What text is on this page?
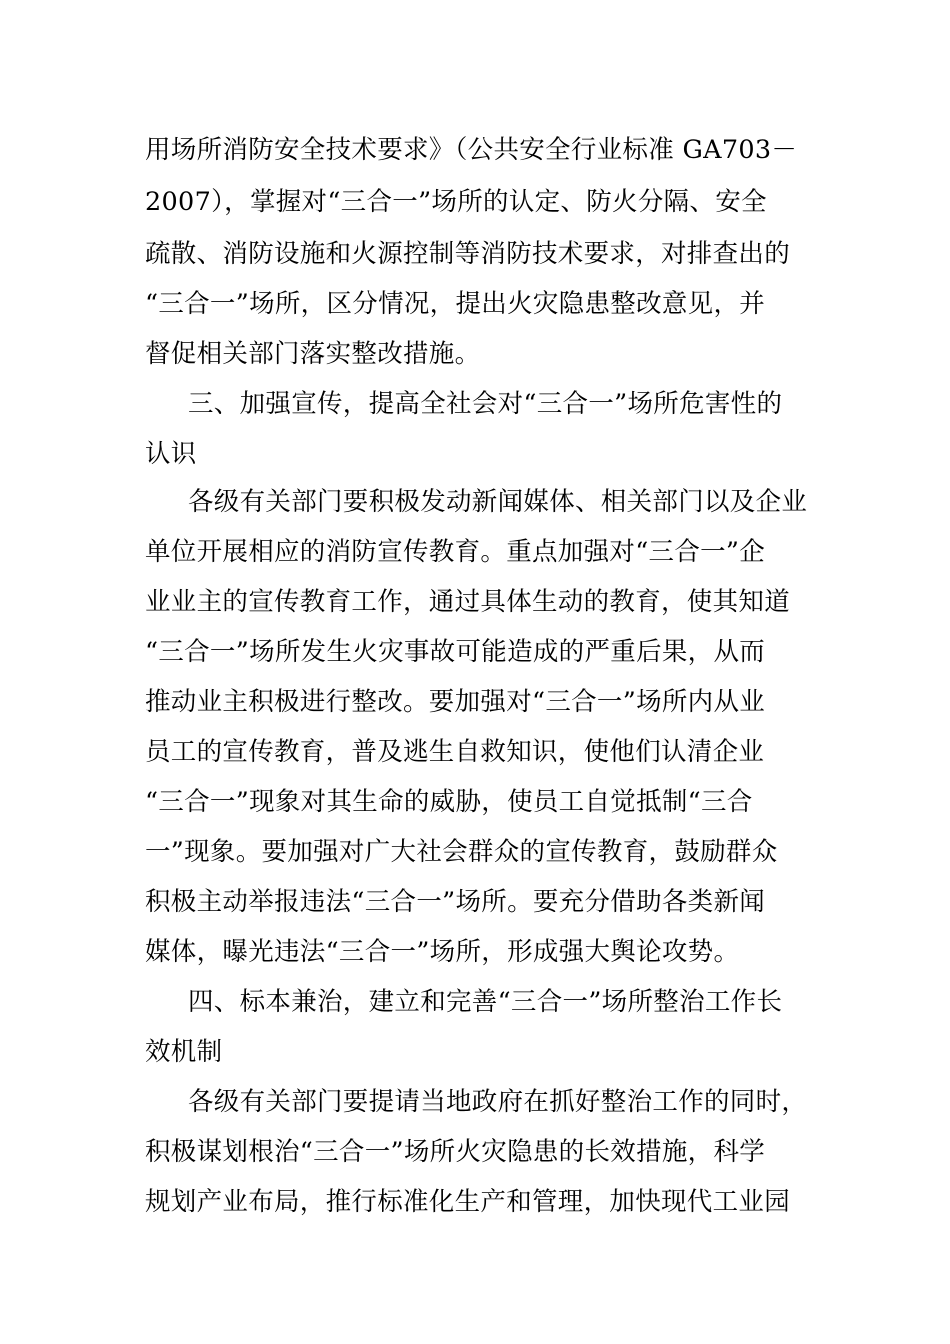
用场所消防安全技术要求》（公共安全行业标准 GA703－
2007），掌握对“三合一”场所的认定、防火分隔、安全
疏散、消防设施和火源控制等消防技术要求，对排查出的
“三合一”场所，区分情况，提出火灾隐患整改意见，并
督促相关部门落实整改措施。
三、加强宣传，提高全社会对“三合一”场所危害性的
认识
各级有关部门要积极发动新闻媒体、相关部门以及企业
单位开展相应的消防宣传教育。重点加强对“三合一”企
业业主的宣传教育工作，通过具体生动的教育，使其知道
“三合一”场所发生火灾事故可能造成的严重后果，从而
推动业主积极进行整改。要加强对“三合一”场所内从业
员工的宣传教育，普及逃生自救知识，使他们认清企业
“三合一”现象对其生命的威胁，使员工自觉抵制“三合
一”现象。要加强对广大社会群众的宣传教育，鼓励群众
积极主动举报违法“三合一”场所。要充分借助各类新闻
媒体，曝光违法“三合一”场所，形成强大舆论攻势。
四、标本兼治，建立和完善“三合一”场所整治工作长
效机制
各级有关部门要提请当地政府在抓好整治工作的同时，
积极谋划根治“三合一”场所火灾隐患的长效措施，科学
规划产业布局，推行标准化生产和管理，加快现代工业园
